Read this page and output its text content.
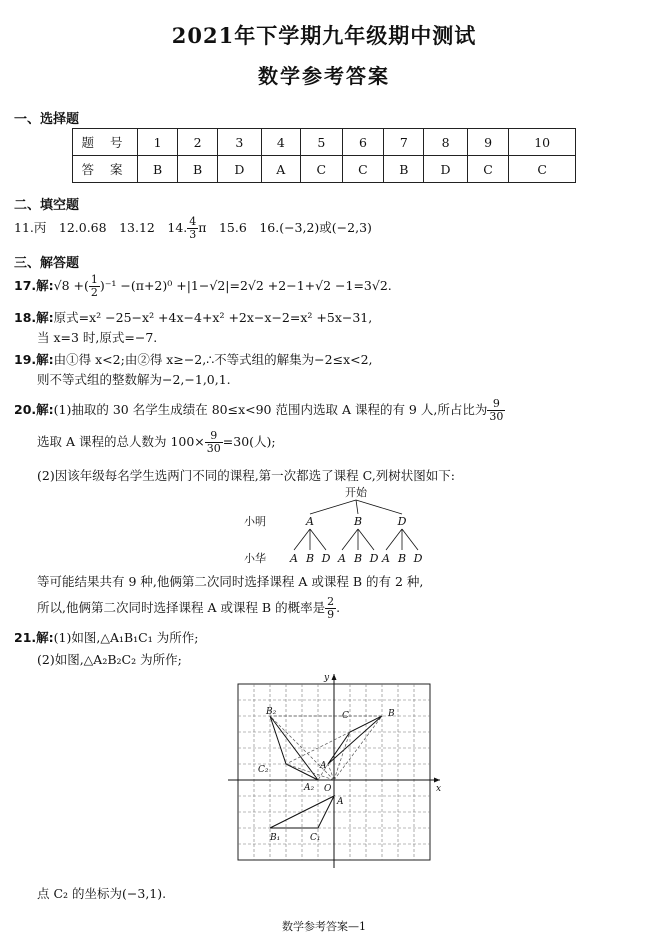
2021年下学期九年级期中测试
数学参考答案
一、选择题
题 号	1	2	3	4	5	6	7	8	9	10
答 案	B	B	D	A	C	C	B	D	C	C
二、填空题
11.丙　12.0.68　13.12　14. $\frac{4}{3}$ π　15.6　16.(−3,2)或(−2,3)
三、解答题
17.解:√8 +( $\frac{1}{2} )^{-1} -(\pi+2)^0 +|1-√2|=2√2 +2-1+√2 -1=3√2$.
18.解:原式=x² −25−x² +4x−4+x² +2x−x−2=x² +5x−31,
当 x=3 时,原式=−7.
19.解:由①得 x<2;由②得 x≥−2,∴不等式组的解集为−2≤x<2,
则不等式组的整数解为−2,−1,0,1.
20.解:(1)抽取的 30 名学生成绩在 80≤x<90 范围内选取 A 课程的有 9 人,所占比为 $\frac{9}{30}$
选取 A 课程的总人数为 $100\times \frac{9}{30} =30$(人);
(2)因该年级每名学生选两门不同的课程,第一次都选了课程 C,列树状图如下:
开始
小明	A	B	D
小华 A B D A B D A B D
等可能结果共有 9 种,他俩第二次同时选择课程 A 或课程 B 的有 2 种,
所以,他俩第二次同时选择课程 A 或课程 B 的概率是 $\frac{2}{9}$ .
21.解:(1)如图,△A₁B₁C₁ 为所作;
(2)如图,△A₂B₂C₂ 为所作;
x
y
O
A
C	B
A
B₁	C₁
A₂
B₂
C₂
点 C₂ 的坐标为(−3,1).
数学参考答案—1
